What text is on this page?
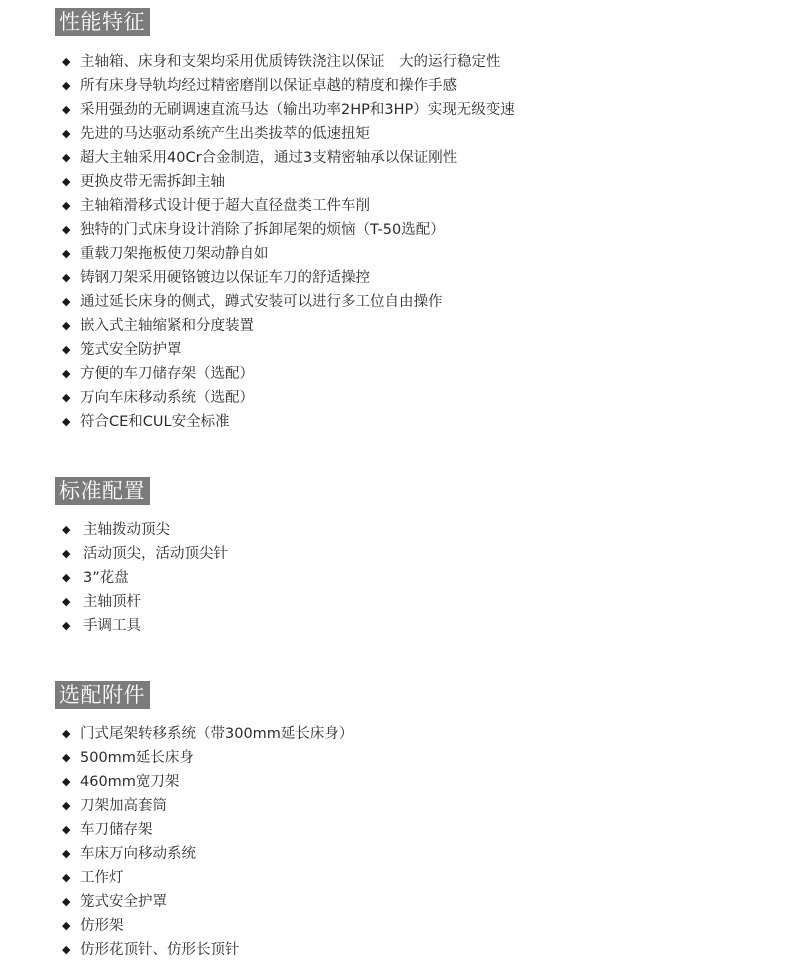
性能特征
◆ 主轴箱、床身和支架均采用优质铸铁浇注以保证　大的运行稳定性
◆ 所有床身导轨均经过精密磨削以保证卓越的精度和操作手感
◆ 采用强劲的无刷调速直流马达（输出功率2HP和3HP）实现无级变速
◆ 先进的马达驱动系统产生出类拔萃的低速扭矩
◆ 超大主轴采用40Cr合金制造，通过3支精密轴承以保证刚性
◆ 更换皮带无需拆卸主轴
◆ 主轴箱滑移式设计便于超大直径盘类工件车削
◆ 独特的门式床身设计消除了拆卸尾架的烦恼（T-50选配）
◆ 重载刀架拖板使刀架动静自如
◆ 铸钢刀架采用硬铬镀边以保证车刀的舒适操控
◆ 通过延长床身的侧式，蹲式安装可以进行多工位自由操作
◆ 嵌入式主轴缩紧和分度装置
◆ 笼式安全防护罩
◆ 方便的车刀储存架（选配）
◆ 万向车床移动系统（选配）
◆ 符合CE和CUL安全标准
标准配置
◆ 主轴拨动顶尖
◆ 活动顶尖，活动顶尖针
◆ 3”花盘
◆ 主轴顶杆
◆ 手调工具
选配附件
◆ 门式尾架转移系统（带300mm延长床身）
◆ 500mm延长床身
◆ 460mm宽刀架
◆ 刀架加高套筒
◆ 车刀储存架
◆ 车床万向移动系统
◆ 工作灯
◆ 笼式安全护罩
◆ 仿形架
◆ 仿形花顶针、仿形长顶针
